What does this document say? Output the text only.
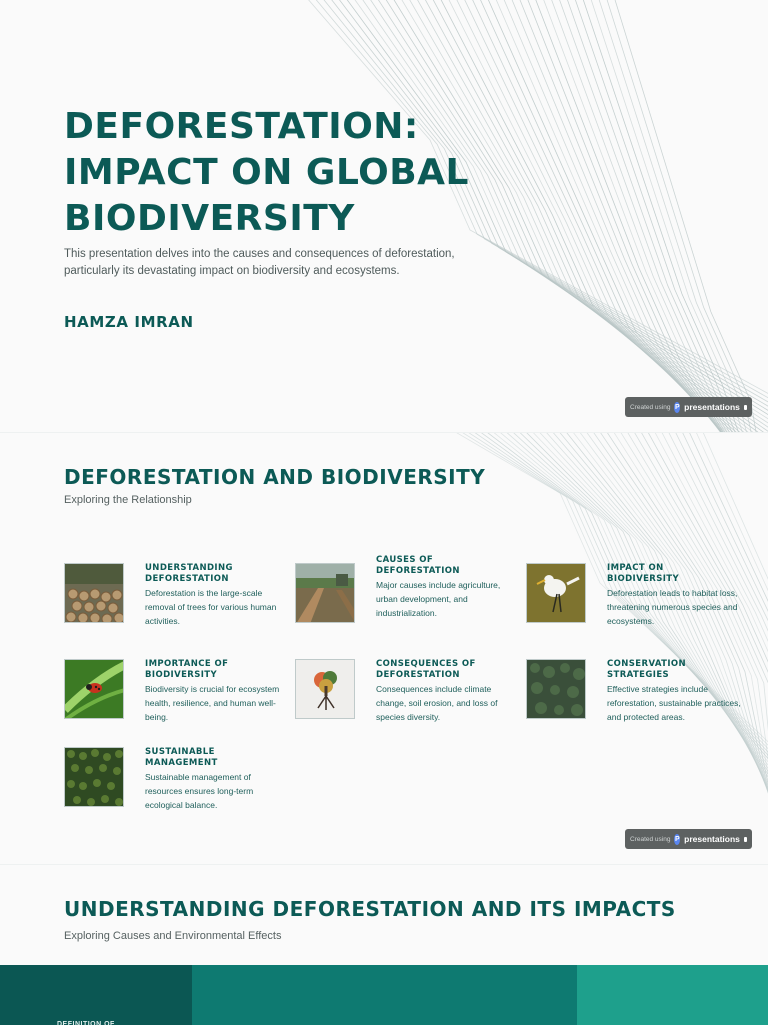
DEFORESTATION: IMPACT ON GLOBAL BIODIVERSITY

This presentation delves into the causes and consequences of deforestation, particularly its devastating impact on biodiversity and ecosystems.

HAMZA IMRAN

Created using P presentations
DEFORESTATION AND BIODIVERSITY

Exploring the Relationship

UNDERSTANDING DEFORESTATION

Deforestation is the large-scale removal of trees for various human activities.

CAUSES OF DEFORESTATION

Major causes include agriculture, urban development, and industrialization.

IMPACT ON BIODIVERSITY

Deforestation leads to habitat loss, threatening numerous species and ecosystems.

IMPORTANCE OF BIODIVERSITY

Biodiversity is crucial for ecosystem health, resilience, and human well-being.

CONSEQUENCES OF DEFORESTATION

Consequences include climate change, soil erosion, and loss of species diversity.

CONSERVATION STRATEGIES

Effective strategies include reforestation, sustainable practices, and protected areas.

SUSTAINABLE MANAGEMENT

Sustainable management of resources ensures long-term ecological balance.

Created using P presentations
UNDERSTANDING DEFORESTATION AND ITS IMPACTS

Exploring Causes and Environmental Effects

DEFINITION OF
